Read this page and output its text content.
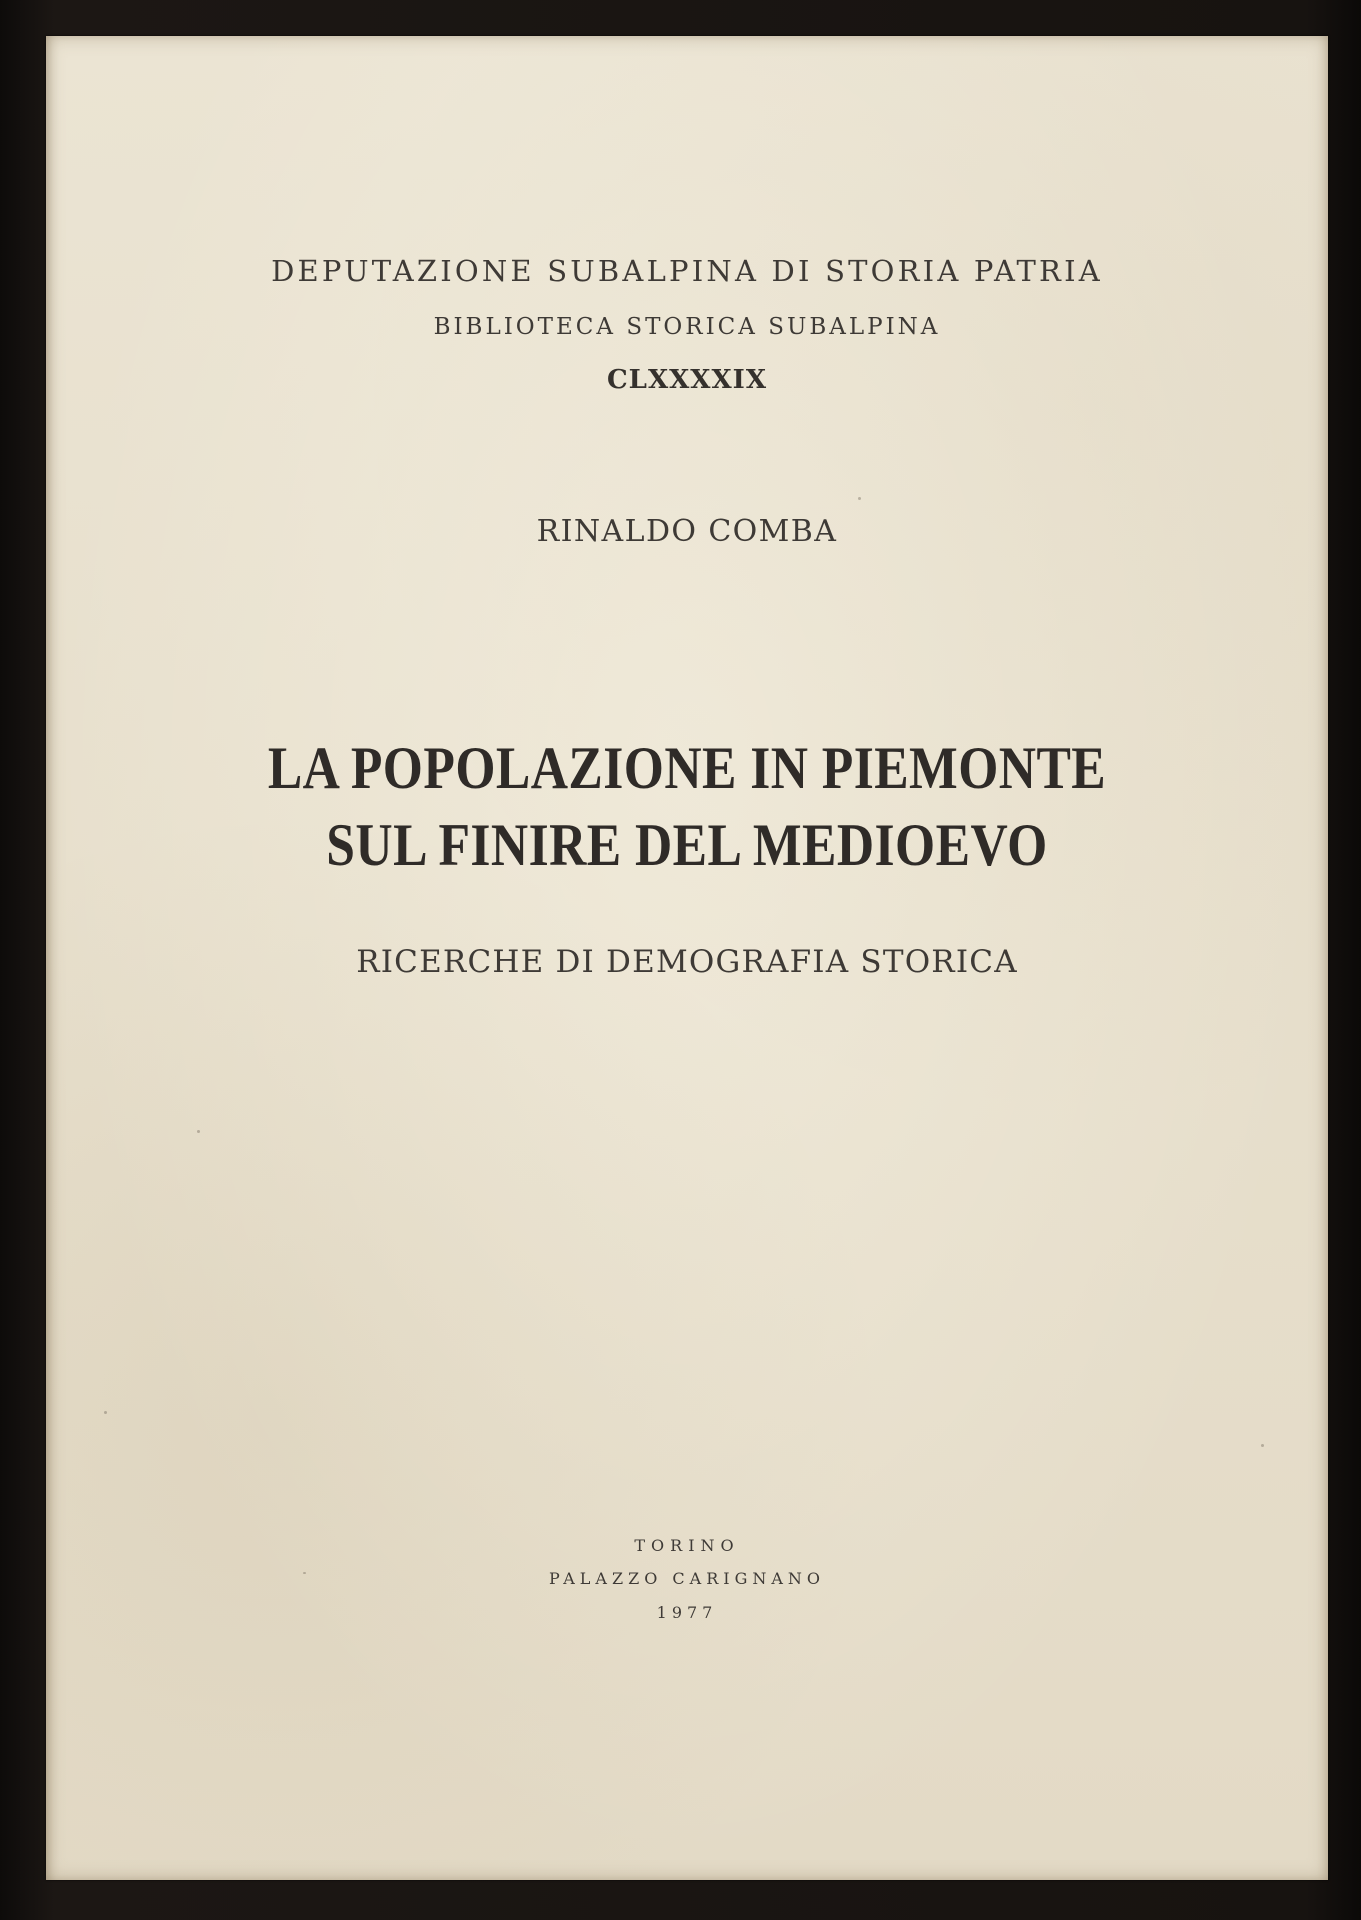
DEPUTAZIONE SUBALPINA DI STORIA PATRIA

BIBLIOTECA STORICA SUBALPINA

CLXXXXIX

RINALDO COMBA

LA POPOLAZIONE IN PIEMONTE
SUL FINIRE DEL MEDIOEVO

RICERCHE DI DEMOGRAFIA STORICA

TORINO

PALAZZO CARIGNANO

1977
